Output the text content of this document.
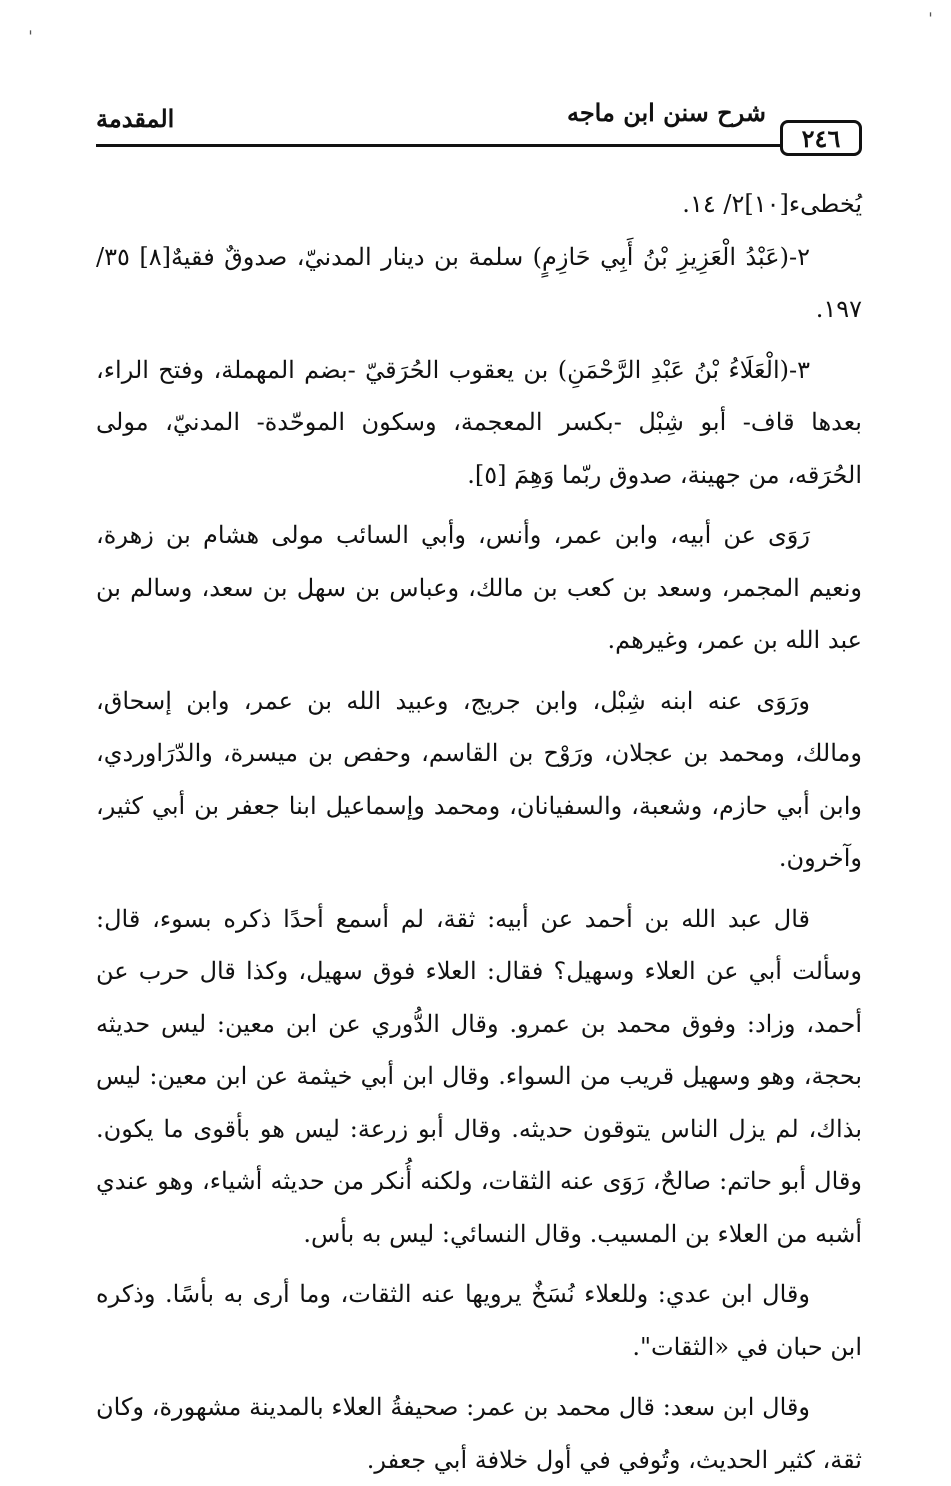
٢٤٦
شرح سنن ابن ماجه
المقدمة

يُخطىء[١٠]٢/ ١٤.

٢-(عَبْدُ الْعَزِيزِ بْنُ أَبِي حَازِمٍ) سلمة بن دينار المدنيّ، صدوقٌ فقيهٌ[٨] ٣٥/ ١٩٧.

٣-(الْعَلَاءُ بْنُ عَبْدِ الرَّحْمَنِ) بن يعقوب الحُرَقيّ -بضم المهملة، وفتح الراء، بعدها قاف- أبو شِبْل -بكسر المعجمة، وسكون الموحّدة- المدنيّ، مولى الحُرَقه، من جهينة، صدوق ربّما وَهِمَ [٥].

رَوَى عن أبيه، وابن عمر، وأنس، وأبي السائب مولى هشام بن زهرة، ونعيم المجمر، وسعد بن كعب بن مالك، وعباس بن سهل بن سعد، وسالم بن عبد الله بن عمر، وغيرهم.

ورَوَى عنه ابنه شِبْل، وابن جريج، وعبيد الله بن عمر، وابن إسحاق، ومالك، ومحمد بن عجلان، ورَوْح بن القاسم، وحفص بن ميسرة، والدّرَاوردي، وابن أبي حازم، وشعبة، والسفيانان، ومحمد وإسماعيل ابنا جعفر بن أبي كثير، وآخرون.

قال عبد الله بن أحمد عن أبيه: ثقة، لم أسمع أحدًا ذكره بسوء، قال: وسألت أبي عن العلاء وسهيل؟ فقال: العلاء فوق سهيل، وكذا قال حرب عن أحمد، وزاد: وفوق محمد بن عمرو. وقال الدُّوري عن ابن معين: ليس حديثه بحجة، وهو وسهيل قريب من السواء. وقال ابن أبي خيثمة عن ابن معين: ليس بذاك، لم يزل الناس يتوقون حديثه. وقال أبو زرعة: ليس هو بأقوى ما يكون. وقال أبو حاتم: صالحٌ، رَوَى عنه الثقات، ولكنه أُنكر من حديثه أشياء، وهو عندي أشبه من العلاء بن المسيب. وقال النسائي: ليس به بأس.

وقال ابن عدي: وللعلاء نُسَخٌ يرويها عنه الثقات، وما أرى به بأسًا. وذكره ابن حبان في «الثقات".

وقال ابن سعد: قال محمد بن عمر: صحيفةُ العلاء بالمدينة مشهورة، وكان ثقة، كثير الحديث، وتُوفي في أول خلافة أبي جعفر.

ˈ
ˈ
